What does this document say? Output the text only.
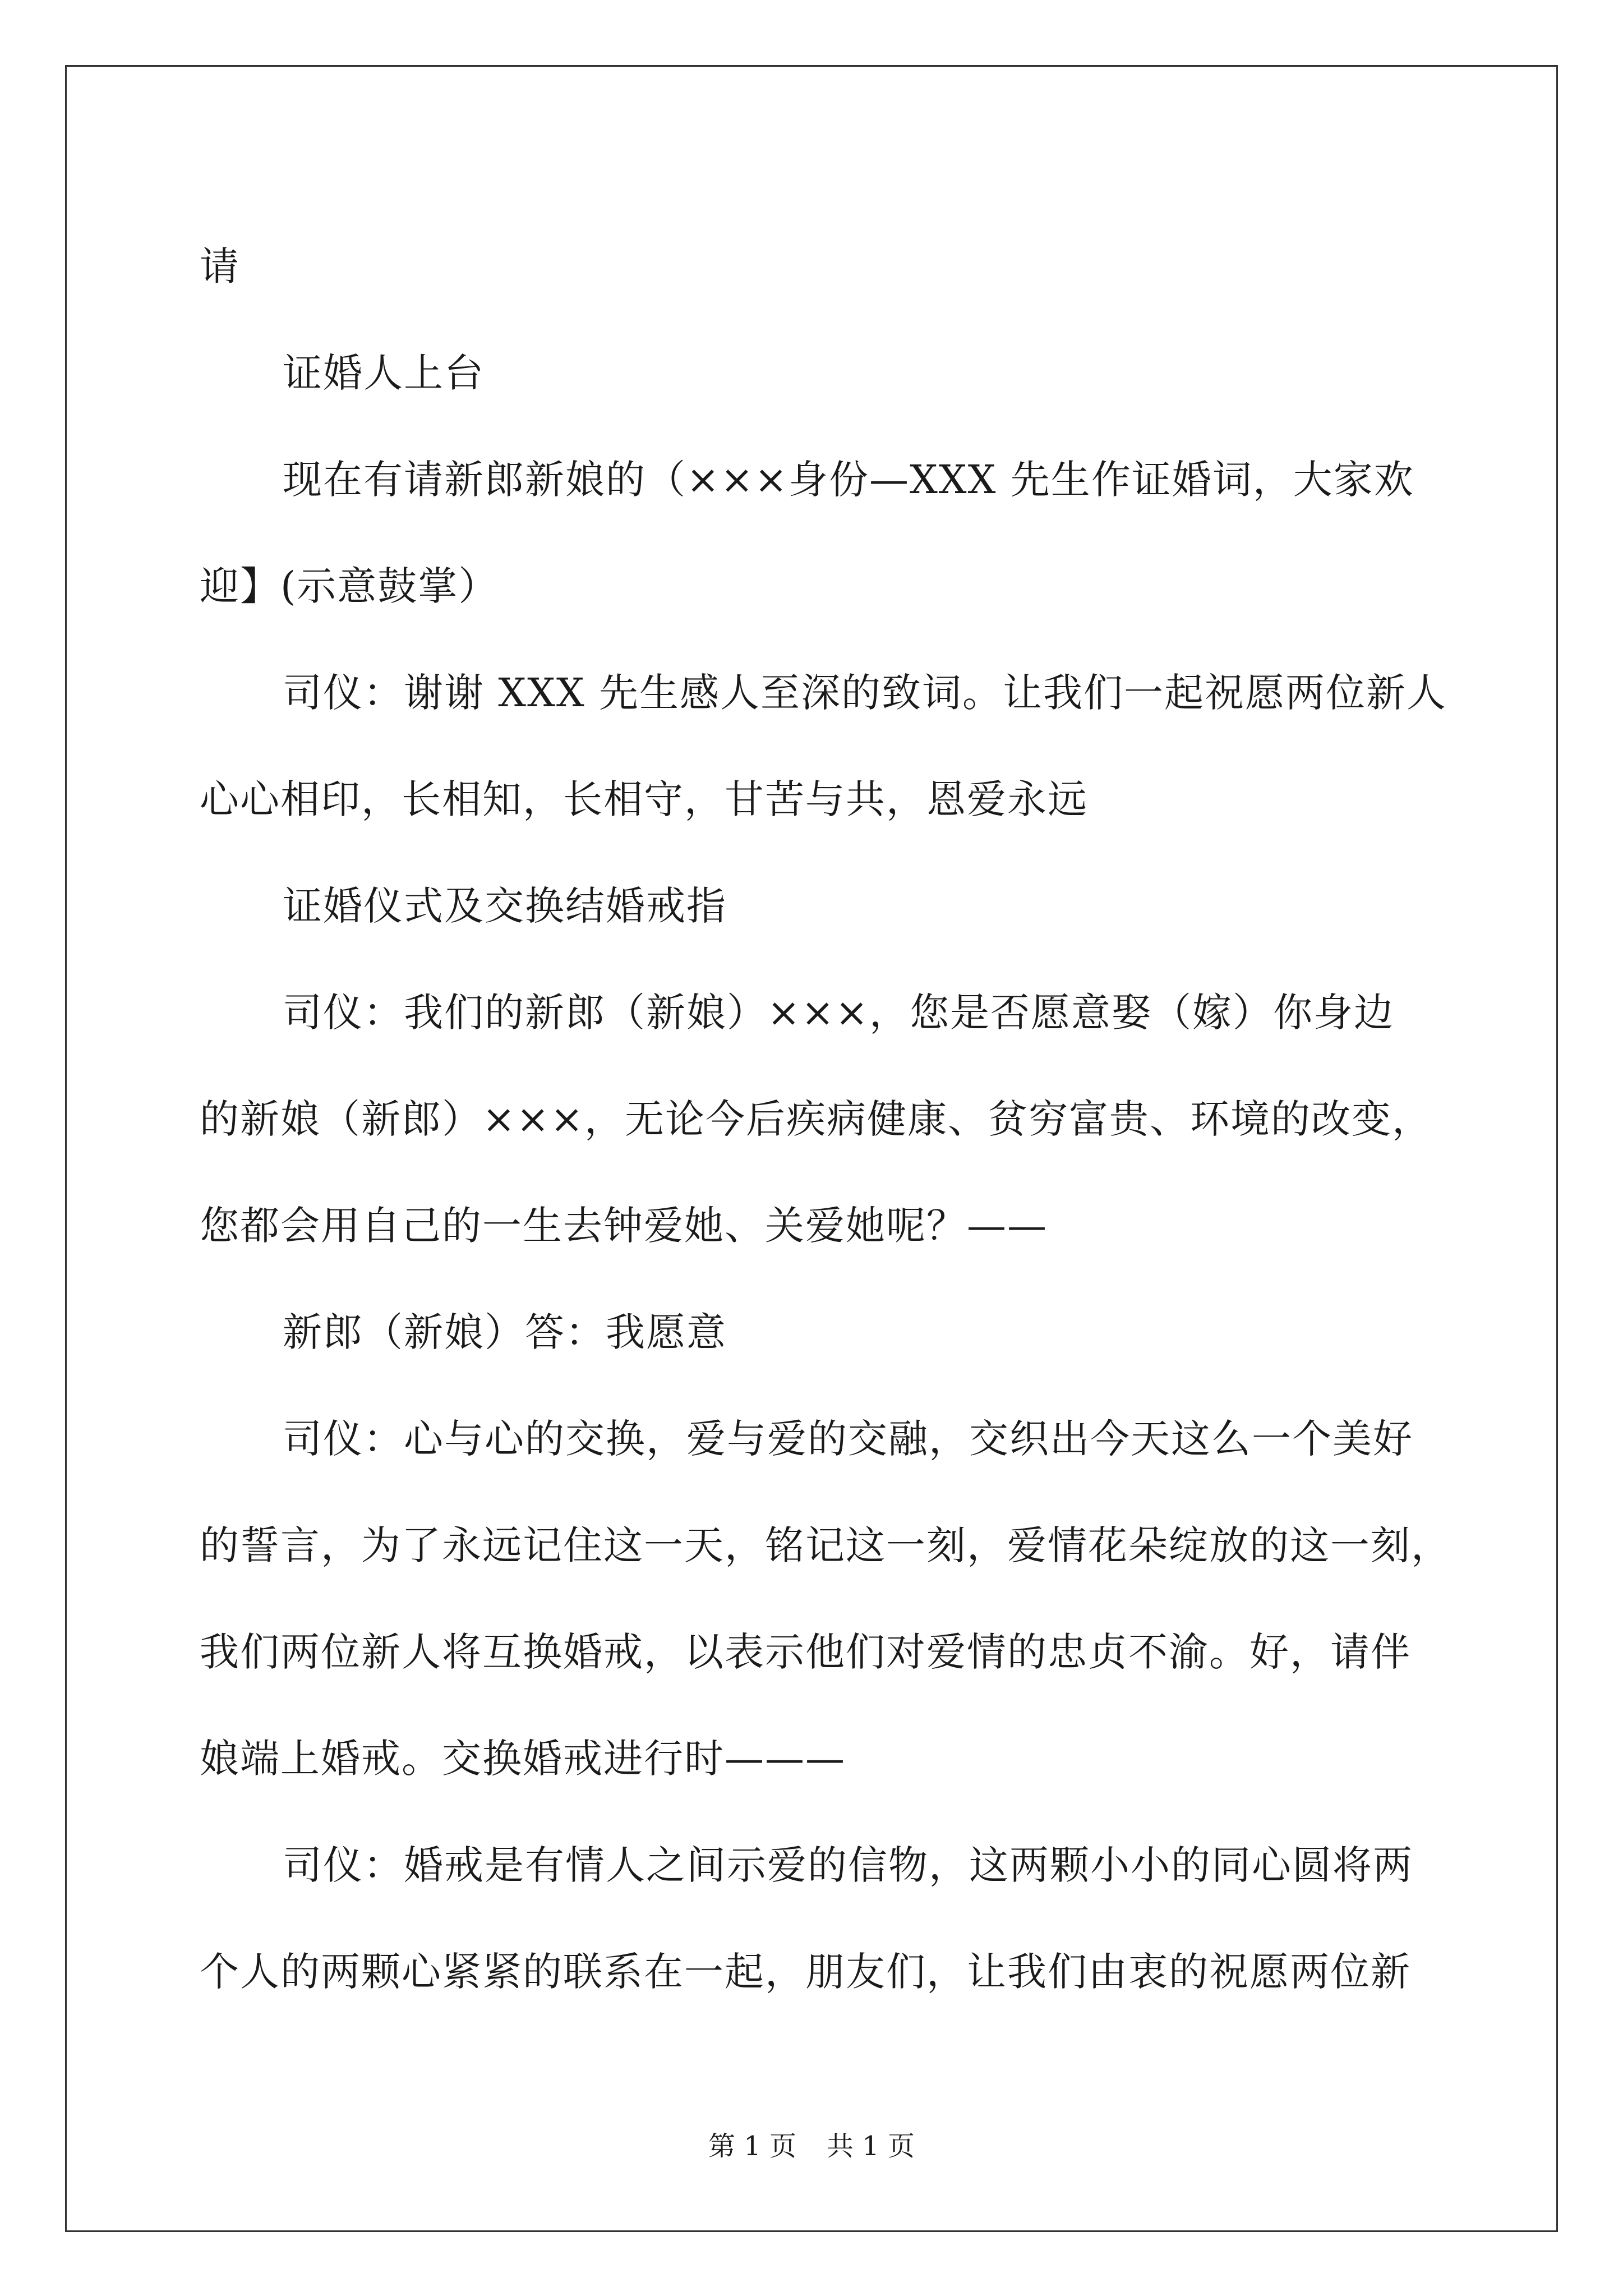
请

证婚人上台

现在有请新郎新娘的（×××身份—XXX 先生作证婚词，大家欢

迎】(示意鼓掌）

司仪：谢谢 XXX 先生感人至深的致词。让我们一起祝愿两位新人

心心相印，长相知，长相守，甘苦与共，恩爱永远

证婚仪式及交换结婚戒指

司仪：我们的新郎（新娘）×××，您是否愿意娶（嫁）你身边

的新娘（新郎）×××，无论今后疾病健康、贫穷富贵、环境的改变，

您都会用自己的一生去钟爱她、关爱她呢？——

新郎（新娘）答：我愿意

司仪：心与心的交换，爱与爱的交融，交织出今天这么一个美好

的誓言，为了永远记住这一天，铭记这一刻，爱情花朵绽放的这一刻，

我们两位新人将互换婚戒，以表示他们对爱情的忠贞不渝。好，请伴

娘端上婚戒。交换婚戒进行时———

司仪：婚戒是有情人之间示爱的信物，这两颗小小的同心圆将两

个人的两颗心紧紧的联系在一起，朋友们，让我们由衷的祝愿两位新

第 1 页 共 1 页
